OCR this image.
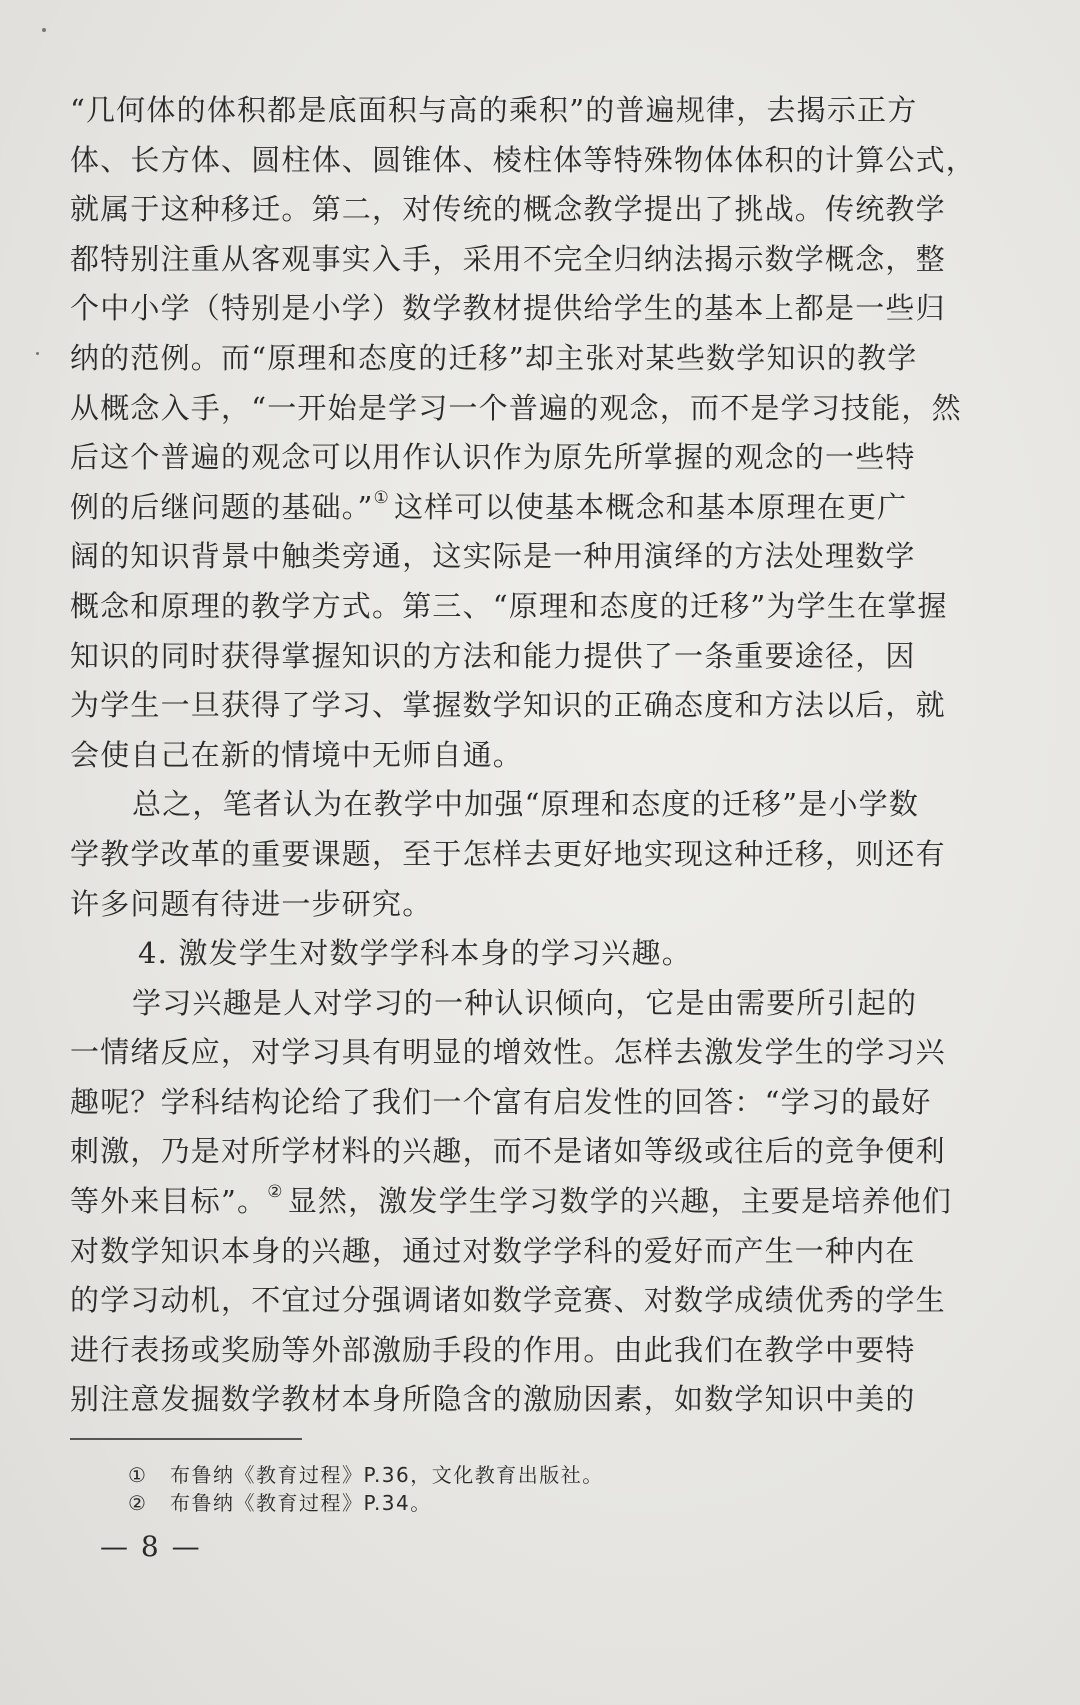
“几何体的体积都是底面积与高的乘积”的普遍规律，去揭示正方
体、长方体、圆柱体、圆锥体、棱柱体等特殊物体体积的计算公式，
就属于这种移迁。第二，对传统的概念教学提出了挑战。传统教学
都特别注重从客观事实入手，采用不完全归纳法揭示数学概念，整
个中小学（特别是小学）数学教材提供给学生的基本上都是一些归
纳的范例。而“原理和态度的迁移”却主张对某些数学知识的教学
从概念入手，“一开始是学习一个普遍的观念，而不是学习技能，然
后这个普遍的观念可以用作认识作为原先所掌握的观念的一些特
例的后继问题的基础。”① 这样可以使基本概念和基本原理在更广
阔的知识背景中触类旁通，这实际是一种用演绎的方法处理数学
概念和原理的教学方式。第三、“原理和态度的迁移”为学生在掌握
知识的同时获得掌握知识的方法和能力提供了一条重要途径，因
为学生一旦获得了学习、掌握数学知识的正确态度和方法以后，就
会使自己在新的情境中无师自通。
总之，笔者认为在教学中加强“原理和态度的迁移”是小学数
学教学改革的重要课题，至于怎样去更好地实现这种迁移，则还有
许多问题有待进一步研究。
4. 激发学生对数学学科本身的学习兴趣。
学习兴趣是人对学习的一种认识倾向，它是由需要所引起的
一情绪反应，对学习具有明显的增效性。怎样去激发学生的学习兴
趣呢？学科结构论给了我们一个富有启发性的回答：“学习的最好
刺激，乃是对所学材料的兴趣，而不是诸如等级或往后的竞争便利
等外来目标”。② 显然，激发学生学习数学的兴趣，主要是培养他们
对数学知识本身的兴趣，通过对数学学科的爱好而产生一种内在
的学习动机，不宜过分强调诸如数学竞赛、对数学成绩优秀的学生
进行表扬或奖励等外部激励手段的作用。由此我们在教学中要特
别注意发掘数学教材本身所隐含的激励因素，如数学知识中美的
① 布鲁纳《教育过程》P.36，文化教育出版社。
② 布鲁纳《教育过程》P.34。
— 8 —
